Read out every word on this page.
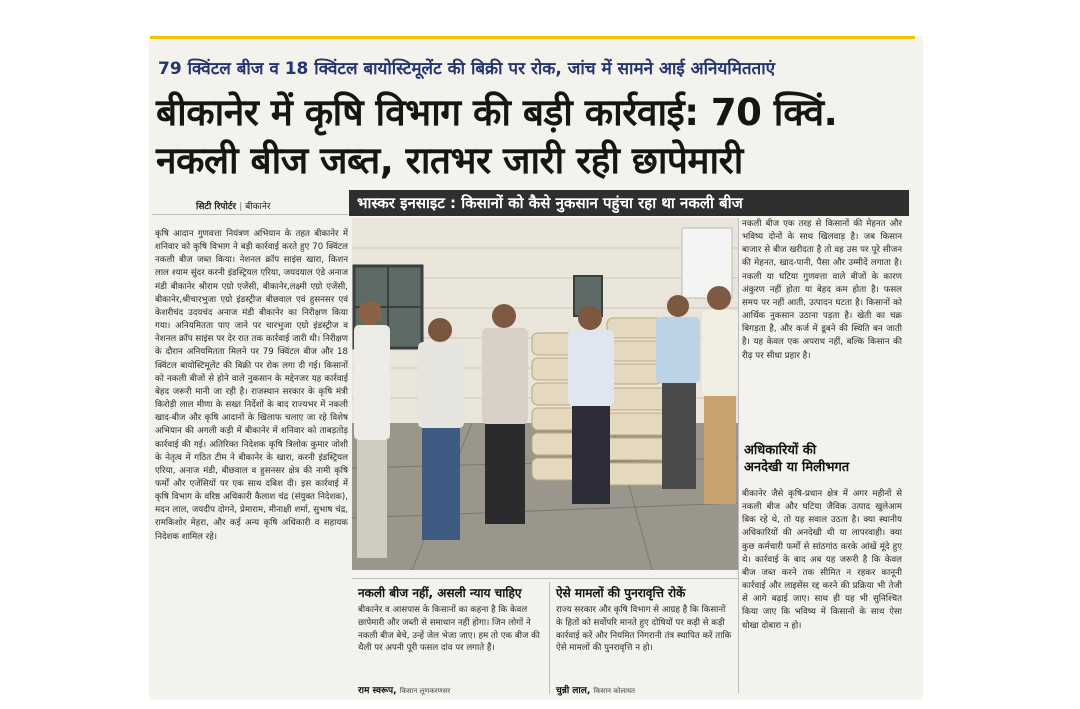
79 क्विंटल बीज व 18 क्विंटल बायोस्टिमूलेंट की बिक्री पर रोक, जांच में सामने आई अनियमितताएं
बीकानेर में कृषि विभाग की बड़ी कार्रवाई: 70 क्विं.
नकली बीज जब्त, रातभर जारी रही छापेमारी
सिटी रिपोर्टर | बीकानेर
कृषि आदान गुणवत्ता नियंत्रण अभियान के तहत बीकानेर में शनिवार को कृषि विभाग ने बड़ी कार्रवाई करते हुए 70 क्विंटल नकली बीज जब्त किया। नेशनल क्रॉप साइंस खारा, किशन लाल श्याम सुंदर करनी इंडस्ट्रियल एरिया, जयदयाल एंडे अनाज मंडी बीकानेर श्रीराम एग्रो एजेंसी, बीकानेर,लक्ष्मी एग्रो एजेंसी, बीकानेर,श्रीचारभुजा एग्रो इंडस्ट्रीज बीछवाल एवं हुसनसर एवं केशरीचंद उदयचंद अनाज मंडी बीकानेर का निरीक्षण किया गया। अनियमितता पाए जाने पर चारभुजा एग्रो इंडस्ट्रीज व नेशनल क्रॉप साइंस पर देर रात तक कार्रवाई जारी थी। निरीक्षण के दौरान अनियमितता मिलने पर 79 क्विंटल बीज और 18 क्विंटल बायोस्टिमूलेंट की बिक्री पर रोक लगा दी गई। किसानों को नकली बीजों से होने वाले नुकसान के मद्देनजर यह कार्रवाई बेहद जरूरी मानी जा रही है। राजस्थान सरकार के कृषि मंत्री किरोड़ी लाल मीणा के सख्त निर्देशों के बाद राज्यभर में नकली खाद-बीज और कृषि आदानों के खिलाफ चलाए जा रहे विशेष अभियान की अगली कड़ी में बीकानेर में शनिवार को ताबड़तोड़ कार्रवाई की गई। अतिरिक्त निदेशक कृषि त्रिलोक कुमार जोशी के नेतृत्व में गठित टीम ने बीकानेर के खारा, करनी इंडस्ट्रियल एरिया, अनाज मंडी, बीछवाल व हुसनसर क्षेत्र की नामी कृषि फर्मों और एजेंसियों पर एक साथ दबिश दी। इस कार्रवाई में कृषि विभाग के वरिष्ठ अधिकारी कैलाश चंद्र (संयुक्त निदेशक), मदन लाल, जयदीप दोगने, प्रेमाराम, मीनाक्षी शर्मा, सुभाष चंद्र, रामकिशोर मेहरा, और कई अन्य कृषि अधिकारी व सहायक निदेशक शामिल रहे।
भास्कर इनसाइट : किसानों को कैसे नुकसान पहुंचा रहा था नकली बीज
नकली बीज एक तरह से किसानों की मेहनत और भविष्य दोनों के साथ खिलवाड़ है। जब किसान बाजार से बीज खरीदता है तो वह उस पर पूरे सीजन की मेहनत, खाद-पानी, पैसा और उम्मीदें लगाता है। नकली या घटिया गुणवत्ता वाले बीजों के कारण अंकुरण नहीं होता या बेहद कम होता है। फसल समय पर नहीं आती, उत्पादन घटता है। किसानों को आर्थिक नुकसान उठाना पड़ता है। खेती का चक्र बिगड़ता है, और कर्ज में डूबने की स्थिति बन जाती है। यह केवल एक अपराध नहीं, बल्कि किसान की रीढ़ पर सीधा प्रहार है।
अधिकारियों की
अनदेखी या मिलीभगत
बीकानेर जैसे कृषि-प्रधान क्षेत्र में अगर महीनों से नकली बीज और घटिया जैविक उत्पाद खुलेआम बिक रहे थे, तो यह सवाल उठता है। क्या स्थानीय अधिकारियों की अनदेखी थी या लापरवाही। क्या कुछ कर्मचारी फर्मों से सांठगांठ करके आंखें मूंदे हुए थे। कार्रवाई के बाद अब यह जरूरी है कि केवल बीज जब्त करने तक सीमित न रहकर कानूनी कार्रवाई और लाइसेंस रद्द करने की प्रक्रिया भी तेजी से आगे बढ़ाई जाए। साथ ही यह भी सुनिश्चित किया जाए कि भविष्य में किसानों के साथ ऐसा धोखा दोबारा न हो।
नकली बीज नहीं, असली न्याय चाहिए
बीकानेर व आसपास के किसानों का कहना है कि केवल छापेमारी और जब्ती से समाधान नहीं होगा। जिन लोगों ने नकली बीज बेचे, उन्हें जेल भेजा जाए। हम तो एक बीज की थैली पर अपनी पूरी फसल दांव पर लगाते हैं।
राम स्वरूप, किसान लूणकरणसर
ऐसे मामलों की पुनरावृत्ति रोकें
राज्य सरकार और कृषि विभाग से आग्रह है कि किसानों के हितों को सर्वोपरि मानते हुए दोषियों पर कड़ी से कड़ी कार्रवाई करें और नियमित निगरानी तंत्र स्थापित करें ताकि ऐसे मामलों की पुनरावृत्ति न हो।
चुन्नी लाल, किसान कोलायत
